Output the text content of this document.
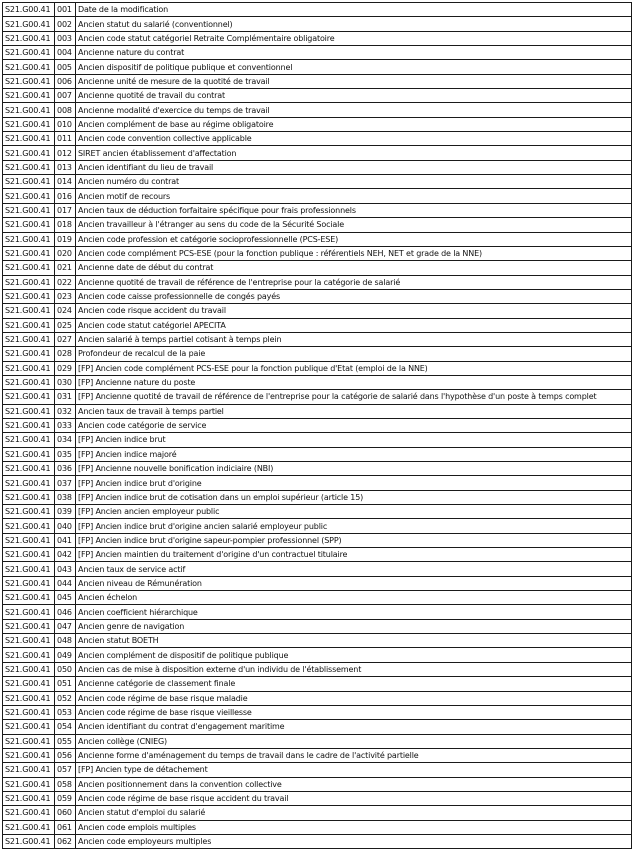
S21.G00.41	001	Date de la modification
S21.G00.41	002	Ancien statut du salarié (conventionnel)
S21.G00.41	003	Ancien code statut catégoriel Retraite Complémentaire obligatoire
S21.G00.41	004	Ancienne nature du contrat
S21.G00.41	005	Ancien dispositif de politique publique et conventionnel
S21.G00.41	006	Ancienne unité de mesure de la quotité de travail
S21.G00.41	007	Ancienne quotité de travail du contrat
S21.G00.41	008	Ancienne modalité d'exercice du temps de travail
S21.G00.41	010	Ancien complément de base au régime obligatoire
S21.G00.41	011	Ancien code convention collective applicable
S21.G00.41	012	SIRET ancien établissement d'affectation
S21.G00.41	013	Ancien identifiant du lieu de travail
S21.G00.41	014	Ancien numéro du contrat
S21.G00.41	016	Ancien motif de recours
S21.G00.41	017	Ancien taux de déduction forfaitaire spécifique pour frais professionnels
S21.G00.41	018	Ancien travailleur à l'étranger au sens du code de la Sécurité Sociale
S21.G00.41	019	Ancien code profession et catégorie socioprofessionnelle (PCS-ESE)
S21.G00.41	020	Ancien code complément PCS-ESE (pour la fonction publique : référentiels NEH, NET et grade de la NNE)
S21.G00.41	021	Ancienne date de début du contrat
S21.G00.41	022	Ancienne quotité de travail de référence de l'entreprise pour la catégorie de salarié
S21.G00.41	023	Ancien code caisse professionnelle de congés payés
S21.G00.41	024	Ancien code risque accident du travail
S21.G00.41	025	Ancien code statut catégoriel APECITA
S21.G00.41	027	Ancien salarié à temps partiel cotisant à temps plein
S21.G00.41	028	Profondeur de recalcul de la paie
S21.G00.41	029	[FP] Ancien code complément PCS-ESE pour la fonction publique d'Etat (emploi de la NNE)
S21.G00.41	030	[FP] Ancienne nature du poste
S21.G00.41	031	[FP] Ancienne quotité de travail de référence de l'entreprise pour la catégorie de salarié dans l'hypothèse d'un poste à temps complet
S21.G00.41	032	Ancien taux de travail à temps partiel
S21.G00.41	033	Ancien code catégorie de service
S21.G00.41	034	[FP] Ancien indice brut
S21.G00.41	035	[FP] Ancien indice majoré
S21.G00.41	036	[FP] Ancienne nouvelle bonification indiciaire (NBI)
S21.G00.41	037	[FP] Ancien indice brut d'origine
S21.G00.41	038	[FP] Ancien indice brut de cotisation dans un emploi supérieur (article 15)
S21.G00.41	039	[FP] Ancien ancien employeur public
S21.G00.41	040	[FP] Ancien indice brut d'origine ancien salarié employeur public
S21.G00.41	041	[FP] Ancien indice brut d'origine sapeur-pompier professionnel (SPP)
S21.G00.41	042	[FP] Ancien maintien du traitement d'origine d'un contractuel titulaire
S21.G00.41	043	Ancien taux de service actif
S21.G00.41	044	Ancien niveau de Rémunération
S21.G00.41	045	Ancien échelon
S21.G00.41	046	Ancien coefficient hiérarchique
S21.G00.41	047	Ancien genre de navigation
S21.G00.41	048	Ancien statut BOETH
S21.G00.41	049	Ancien complément de dispositif de politique publique
S21.G00.41	050	Ancien cas de mise à disposition externe d'un individu de l'établissement
S21.G00.41	051	Ancienne catégorie de classement finale
S21.G00.41	052	Ancien code régime de base risque maladie
S21.G00.41	053	Ancien code régime de base risque vieillesse
S21.G00.41	054	Ancien identifiant du contrat d'engagement maritime
S21.G00.41	055	Ancien collège (CNIEG)
S21.G00.41	056	Ancienne forme d'aménagement du temps de travail dans le cadre de l'activité partielle
S21.G00.41	057	[FP] Ancien type de détachement
S21.G00.41	058	Ancien positionnement dans la convention collective
S21.G00.41	059	Ancien code régime de base risque accident du travail
S21.G00.41	060	Ancien statut d'emploi du salarié
S21.G00.41	061	Ancien code emplois multiples
S21.G00.41	062	Ancien code employeurs multiples
